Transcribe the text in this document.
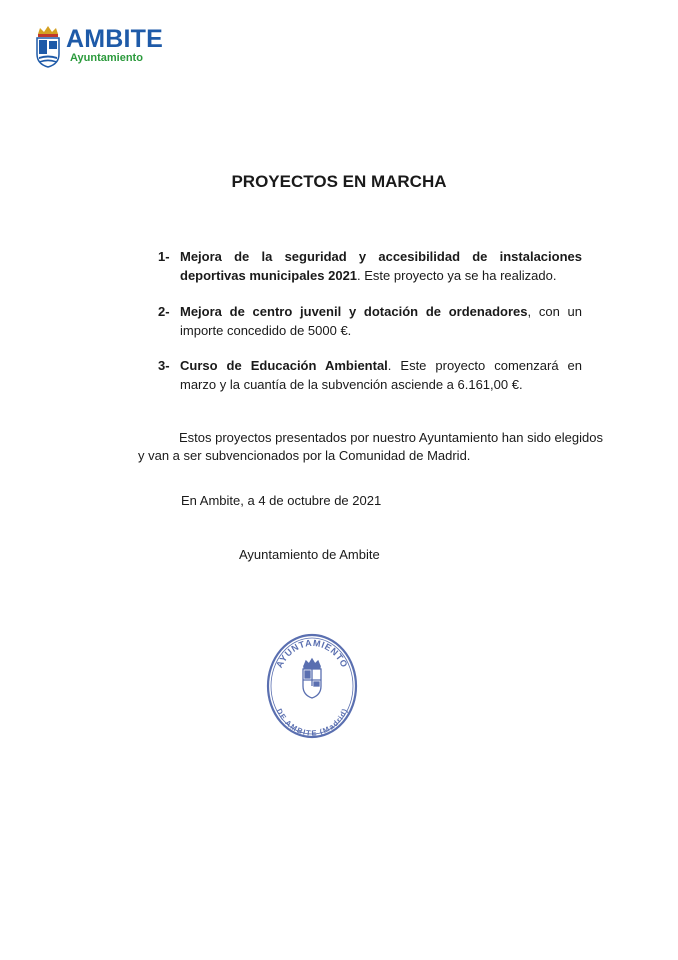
AMBITE
Ayuntamiento
PROYECTOS EN MARCHA
1- Mejora de la seguridad y accesibilidad de instalaciones deportivas municipales 2021. Este proyecto ya se ha realizado.
2- Mejora de centro juvenil y dotación de ordenadores, con un importe concedido de 5000 €.
3- Curso de Educación Ambiental. Este proyecto comenzará en marzo y la cuantía de la subvención asciende a 6.161,00 €.
Estos proyectos presentados por nuestro Ayuntamiento han sido elegidos
y van a ser subvencionados por la Comunidad de Madrid.
En Ambite, a 4 de octubre de 2021
Ayuntamiento de Ambite
AYUNTAMIENTO
DE AMBITE (Madrid)
